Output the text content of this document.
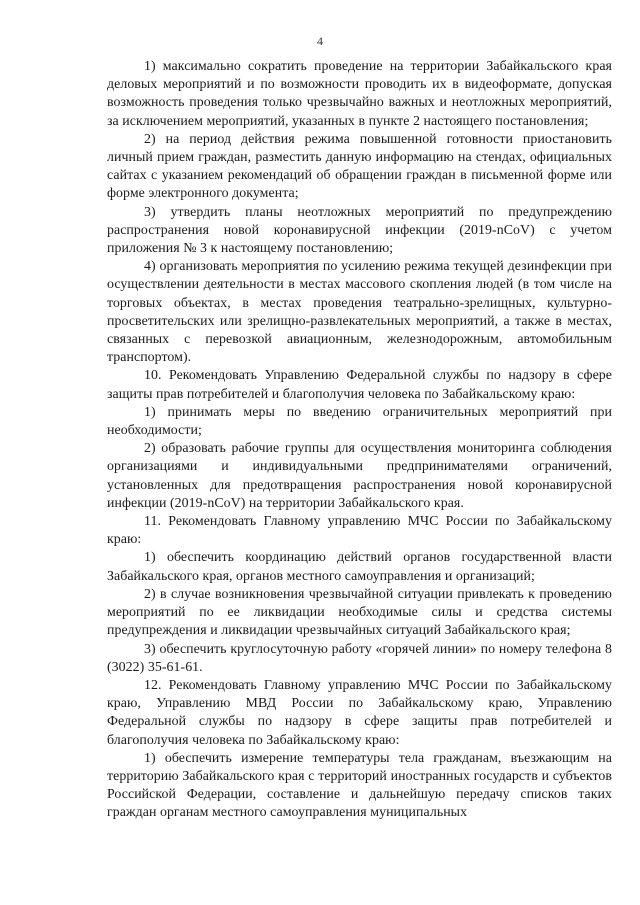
4

1) максимально сократить проведение на территории Забайкальского края деловых мероприятий и по возможности проводить их в видеоформате, допуская возможность проведения только чрезвычайно важных и неотложных мероприятий, за исключением мероприятий, указанных в пункте 2 настоящего постановления;

2) на период действия режима повышенной готовности приостановить личный прием граждан, разместить данную информацию на стендах, официальных сайтах с указанием рекомендаций об обращении граждан в письменной форме или форме электронного документа;

3) утвердить планы неотложных мероприятий по предупреждению распространения новой коронавирусной инфекции (2019-nCoV) с учетом приложения № 3 к настоящему постановлению;

4) организовать мероприятия по усилению режима текущей дезинфекции при осуществлении деятельности в местах массового скопления людей (в том числе на торговых объектах, в местах проведения театрально-зрелищных, культурно-просветительских или зрелищно-развлекательных мероприятий, а также в местах, связанных с перевозкой авиационным, железнодорожным, автомобильным транспортом).

10. Рекомендовать Управлению Федеральной службы по надзору в сфере защиты прав потребителей и благополучия человека по Забайкальскому краю:

1) принимать меры по введению ограничительных мероприятий при необходимости;

2) образовать рабочие группы для осуществления мониторинга соблюдения организациями и индивидуальными предпринимателями ограничений, установленных для предотвращения распространения новой коронавирусной инфекции (2019-nCoV) на территории Забайкальского края.

11. Рекомендовать Главному управлению МЧС России по Забайкальскому краю:

1) обеспечить координацию действий органов государственной власти Забайкальского края, органов местного самоуправления и организаций;

2) в случае возникновения чрезвычайной ситуации привлекать к проведению мероприятий по ее ликвидации необходимые силы и средства системы предупреждения и ликвидации чрезвычайных ситуаций Забайкальского края;

3) обеспечить круглосуточную работу «горячей линии» по номеру телефона 8 (3022) 35-61-61.

12. Рекомендовать Главному управлению МЧС России по Забайкальскому краю, Управлению МВД России по Забайкальскому краю, Управлению Федеральной службы по надзору в сфере защиты прав потребителей и благополучия человека по Забайкальскому краю:

1) обеспечить измерение температуры тела гражданам, въезжающим на территорию Забайкальского края с территорий иностранных государств и субъектов Российской Федерации, составление и дальнейшую передачу списков таких граждан органам местного самоуправления муниципальных
